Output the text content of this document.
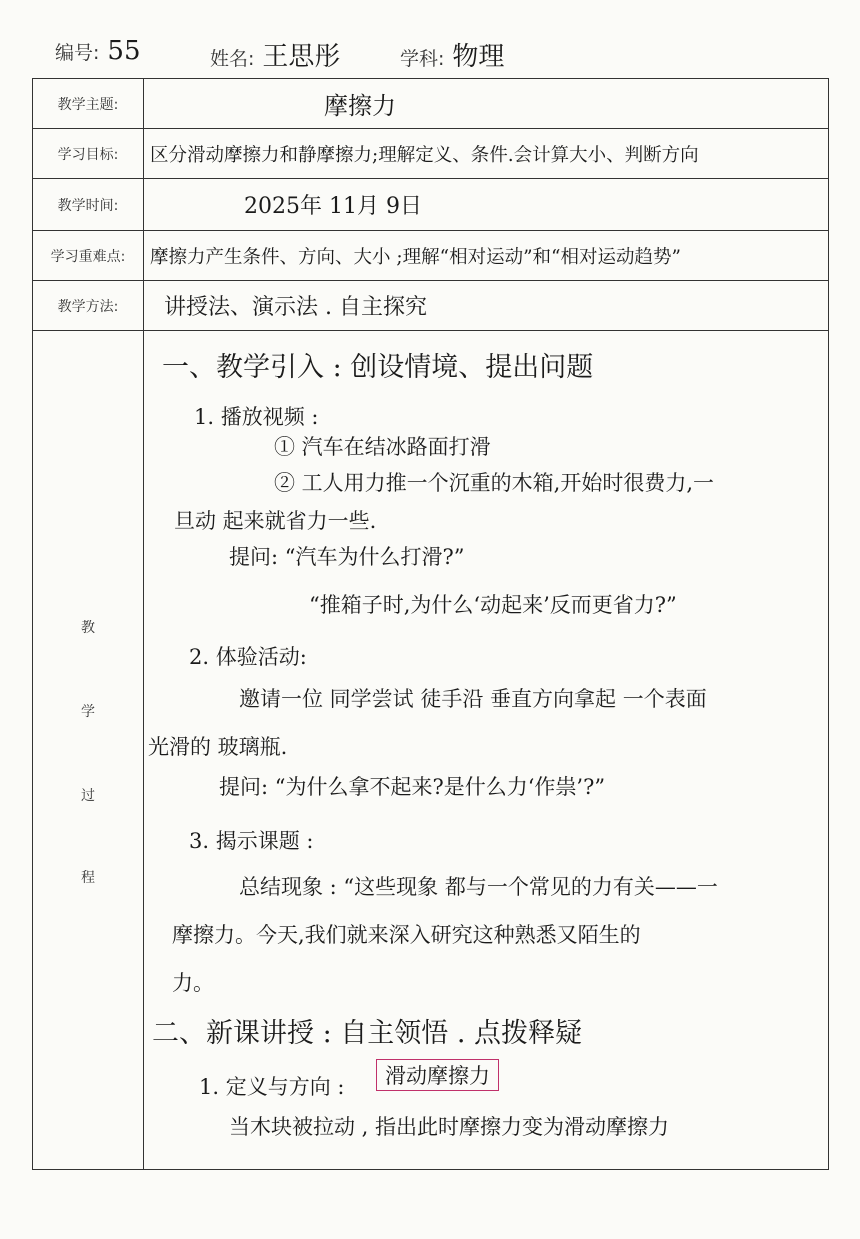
编号: 55	姓名: 王思彤	学科: 物理
教学主题:	摩擦力
学习目标:	区分滑动摩擦力和静摩擦力;理解定义、条件.会计算大小、判断方向
教学时间:	2025年 11月 9日
学习重难点:	摩擦力产生条件、方向、大小 ;理解“相对运动”和“相对运动趋势”
教学方法:	讲授法、演示法 . 自主探究
教
学
过
程
一、教学引入 : 创设情境、提出问题
1. 播放视频 :
① 汽车在结冰路面打滑
② 工人用力推一个沉重的木箱,开始时很费力,一
旦动 起来就省力一些.
提问: “汽车为什么打滑?”
“推箱子时,为什么‘动起来’反而更省力?”
2. 体验活动:
邀请一位 同学尝试 徒手沿 垂直方向拿起 一个表面
光滑的 玻璃瓶.
提问: “为什么拿不起来?是什么力‘作祟’?”
3. 揭示课题 :
总结现象 : “这些现象 都与一个常见的力有关——一
摩擦力。今天,我们就来深入研究这种熟悉又陌生的
力。
二、新课讲授 : 自主领悟 . 点拨释疑
1. 定义与方向 :	滑动摩擦力
当木块被拉动 , 指出此时摩擦力变为滑动摩擦力
